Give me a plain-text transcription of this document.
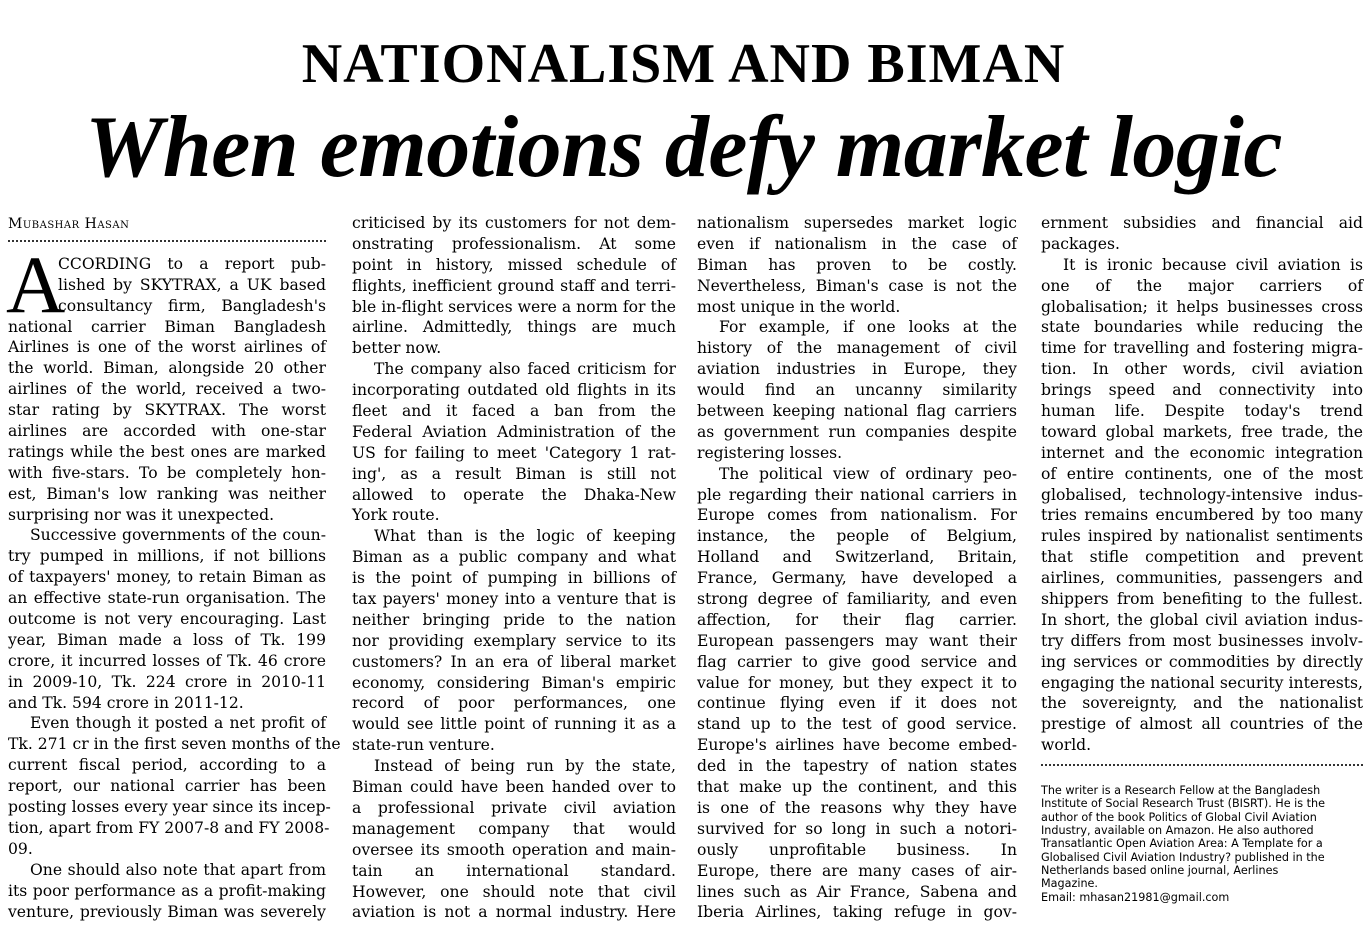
NATIONALISM AND BIMAN
When emotions defy market logic
Mubashar Hasan
A
CCORDING to a report pub-
lished by SKYTRAX, a UK based
consultancy firm, Bangladesh's
national carrier Biman Bangladesh
Airlines is one of the worst airlines of
the world. Biman, alongside 20 other
airlines of the world, received a two-
star rating by SKYTRAX. The worst
airlines are accorded with one-star
ratings while the best ones are marked
with five-stars. To be completely hon-
est, Biman's low ranking was neither
surprising nor was it unexpected.
Successive governments of the coun-
try pumped in millions, if not billions
of taxpayers' money, to retain Biman as
an effective state-run organisation. The
outcome is not very encouraging. Last
year, Biman made a loss of Tk. 199
crore, it incurred losses of Tk. 46 crore
in 2009-10, Tk. 224 crore in 2010-11
and Tk. 594 crore in 2011-12.
Even though it posted a net profit of
Tk. 271 cr in the first seven months of the
current fiscal period, according to a
report, our national carrier has been
posting losses every year since its incep-
tion, apart from FY 2007-8 and FY 2008-
09.
One should also note that apart from
its poor performance as a profit-making
venture, previously Biman was severely
criticised by its customers for not dem-
onstrating professionalism. At some
point in history, missed schedule of
flights, inefficient ground staff and terri-
ble in-flight services were a norm for the
airline. Admittedly, things are much
better now.
The company also faced criticism for
incorporating outdated old flights in its
fleet and it faced a ban from the
Federal Aviation Administration of the
US for failing to meet 'Category 1 rat-
ing', as a result Biman is still not
allowed to operate the Dhaka-New
York route.
What than is the logic of keeping
Biman as a public company and what
is the point of pumping in billions of
tax payers' money into a venture that is
neither bringing pride to the nation
nor providing exemplary service to its
customers? In an era of liberal market
economy, considering Biman's empiric
record of poor performances, one
would see little point of running it as a
state-run venture.
Instead of being run by the state,
Biman could have been handed over to
a professional private civil aviation
management company that would
oversee its smooth operation and main-
tain an international standard.
However, one should note that civil
aviation is not a normal industry. Here
nationalism supersedes market logic
even if nationalism in the case of
Biman has proven to be costly.
Nevertheless, Biman's case is not the
most unique in the world.
For example, if one looks at the
history of the management of civil
aviation industries in Europe, they
would find an uncanny similarity
between keeping national flag carriers
as government run companies despite
registering losses.
The political view of ordinary peo-
ple regarding their national carriers in
Europe comes from nationalism. For
instance, the people of Belgium,
Holland and Switzerland, Britain,
France, Germany, have developed a
strong degree of familiarity, and even
affection, for their flag carrier.
European passengers may want their
flag carrier to give good service and
value for money, but they expect it to
continue flying even if it does not
stand up to the test of good service.
Europe's airlines have become embed-
ded in the tapestry of nation states
that make up the continent, and this
is one of the reasons why they have
survived for so long in such a notori-
ously unprofitable business. In
Europe, there are many cases of air-
lines such as Air France, Sabena and
Iberia Airlines, taking refuge in gov-
ernment subsidies and financial aid
packages.
It is ironic because civil aviation is
one of the major carriers of
globalisation; it helps businesses cross
state boundaries while reducing the
time for travelling and fostering migra-
tion. In other words, civil aviation
brings speed and connectivity into
human life. Despite today's trend
toward global markets, free trade, the
internet and the economic integration
of entire continents, one of the most
globalised, technology-intensive indus-
tries remains encumbered by too many
rules inspired by nationalist sentiments
that stifle competition and prevent
airlines, communities, passengers and
shippers from benefiting to the fullest.
In short, the global civil aviation indus-
try differs from most businesses involv-
ing services or commodities by directly
engaging the national security interests,
the sovereignty, and the nationalist
prestige of almost all countries of the
world.
The writer is a Research Fellow at the Bangladesh
Institute of Social Research Trust (BISRT). He is the
author of the book Politics of Global Civil Aviation
Industry, available on Amazon. He also authored
Transatlantic Open Aviation Area: A Template for a
Globalised Civil Aviation Industry? published in the
Netherlands based online journal, Aerlines
Magazine.
Email: mhasan21981@gmail.com
